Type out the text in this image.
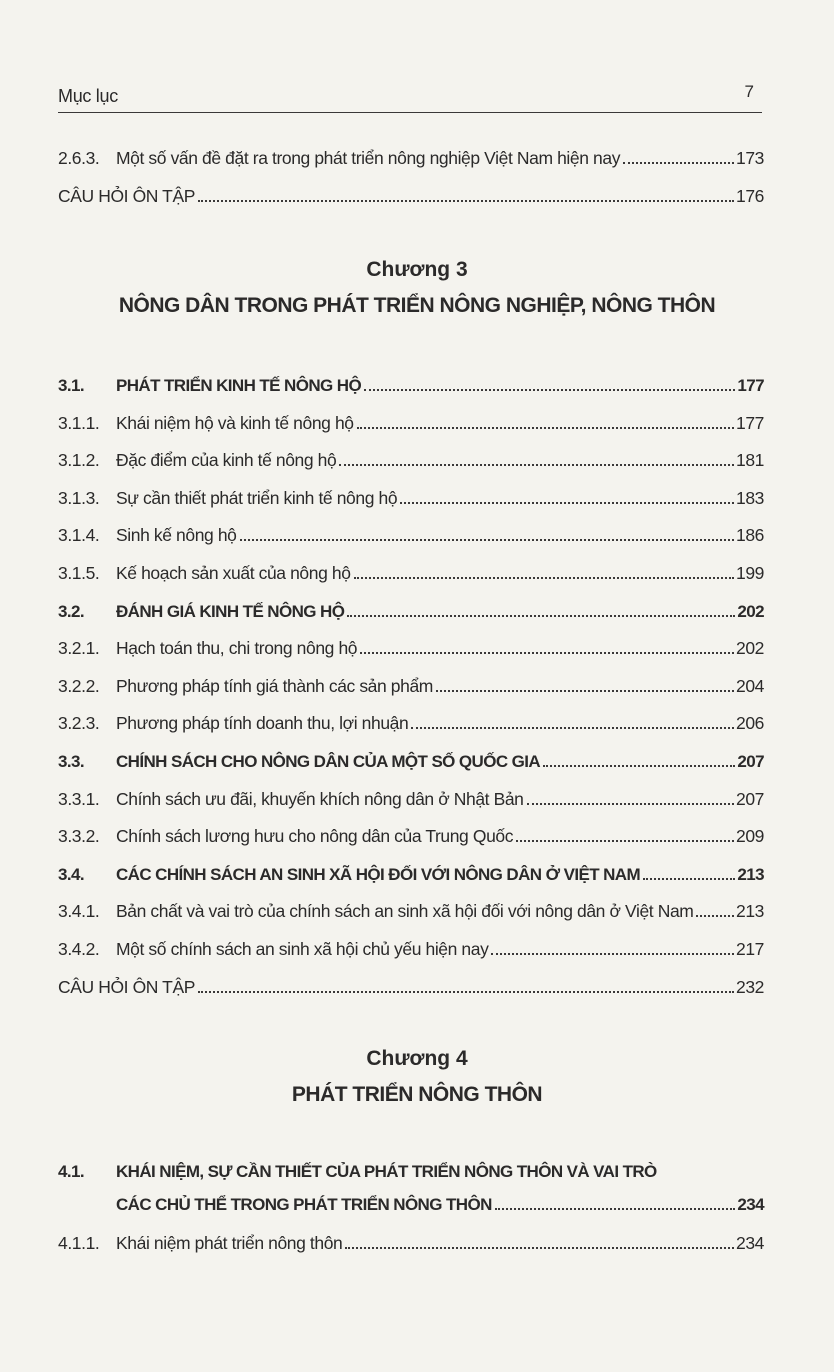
Mục lục	7
2.6.3. Một số vấn đề đặt ra trong phát triển nông nghiệp Việt Nam hiện nay	173
CÂU HỎI ÔN TẬP	176
Chương 3
NÔNG DÂN TRONG PHÁT TRIỂN NÔNG NGHIỆP, NÔNG THÔN
3.1.	PHÁT TRIỂN KINH TẾ NÔNG HỘ	177
3.1.1. Khái niệm hộ và kinh tế nông hộ	177
3.1.2. Đặc điểm của kinh tế nông hộ	181
3.1.3. Sự cần thiết phát triển kinh tế nông hộ	183
3.1.4. Sinh kế nông hộ	186
3.1.5. Kế hoạch sản xuất của nông hộ	199
3.2.	ĐÁNH GIÁ KINH TẾ NÔNG HỘ	202
3.2.1. Hạch toán thu, chi trong nông hộ	202
3.2.2. Phương pháp tính giá thành các sản phẩm	204
3.2.3. Phương pháp tính doanh thu, lợi nhuận	206
3.3.	CHÍNH SÁCH CHO NÔNG DÂN CỦA MỘT SỐ QUỐC GIA	207
3.3.1. Chính sách ưu đãi, khuyến khích nông dân ở Nhật Bản	207
3.3.2. Chính sách lương hưu cho nông dân của Trung Quốc	209
3.4.	CÁC CHÍNH SÁCH AN SINH XÃ HỘI ĐỐI VỚI NÔNG DÂN Ở VIỆT NAM	213
3.4.1. Bản chất và vai trò của chính sách an sinh xã hội đối với nông dân ở Việt Nam 213
3.4.2. Một số chính sách an sinh xã hội chủ yếu hiện nay	217
CÂU HỎI ÔN TẬP	232
Chương 4
PHÁT TRIỂN NÔNG THÔN
4.1.	KHÁI NIỆM, SỰ CẦN THIẾT CỦA PHÁT TRIỂN NÔNG THÔN VÀ VAI TRÒ
CÁC CHỦ THỂ TRONG PHÁT TRIỂN NÔNG THÔN	234
4.1.1. Khái niệm phát triển nông thôn	234
